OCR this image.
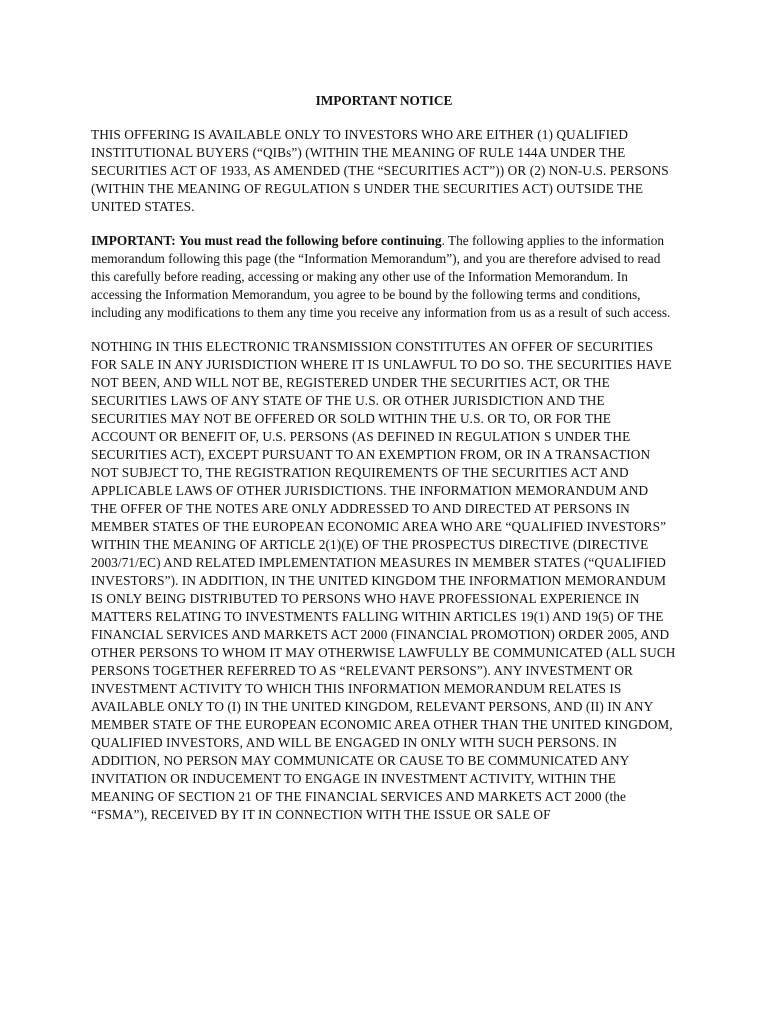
IMPORTANT NOTICE

THIS OFFERING IS AVAILABLE ONLY TO INVESTORS WHO ARE EITHER (1) QUALIFIED INSTITUTIONAL BUYERS (“QIBs”) (WITHIN THE MEANING OF RULE 144A UNDER THE SECURITIES ACT OF 1933, AS AMENDED (THE “SECURITIES ACT”)) OR (2) NON-U.S. PERSONS (WITHIN THE MEANING OF REGULATION S UNDER THE SECURITIES ACT) OUTSIDE THE UNITED STATES.

IMPORTANT: You must read the following before continuing. The following applies to the information memorandum following this page (the “Information Memorandum”), and you are therefore advised to read this carefully before reading, accessing or making any other use of the Information Memorandum. In accessing the Information Memorandum, you agree to be bound by the following terms and conditions, including any modifications to them any time you receive any information from us as a result of such access.

NOTHING IN THIS ELECTRONIC TRANSMISSION CONSTITUTES AN OFFER OF SECURITIES FOR SALE IN ANY JURISDICTION WHERE IT IS UNLAWFUL TO DO SO. THE SECURITIES HAVE NOT BEEN, AND WILL NOT BE, REGISTERED UNDER THE SECURITIES ACT, OR THE SECURITIES LAWS OF ANY STATE OF THE U.S. OR OTHER JURISDICTION AND THE SECURITIES MAY NOT BE OFFERED OR SOLD WITHIN THE U.S. OR TO, OR FOR THE ACCOUNT OR BENEFIT OF, U.S. PERSONS (AS DEFINED IN REGULATION S UNDER THE SECURITIES ACT), EXCEPT PURSUANT TO AN EXEMPTION FROM, OR IN A TRANSACTION NOT SUBJECT TO, THE REGISTRATION REQUIREMENTS OF THE SECURITIES ACT AND APPLICABLE LAWS OF OTHER JURISDICTIONS. THE INFORMATION MEMORANDUM AND THE OFFER OF THE NOTES ARE ONLY ADDRESSED TO AND DIRECTED AT PERSONS IN MEMBER STATES OF THE EUROPEAN ECONOMIC AREA WHO ARE “QUALIFIED INVESTORS” WITHIN THE MEANING OF ARTICLE 2(1)(E) OF THE PROSPECTUS DIRECTIVE (DIRECTIVE 2003/71/EC) AND RELATED IMPLEMENTATION MEASURES IN MEMBER STATES (“QUALIFIED INVESTORS”). IN ADDITION, IN THE UNITED KINGDOM THE INFORMATION MEMORANDUM IS ONLY BEING DISTRIBUTED TO PERSONS WHO HAVE PROFESSIONAL EXPERIENCE IN MATTERS RELATING TO INVESTMENTS FALLING WITHIN ARTICLES 19(1) AND 19(5) OF THE FINANCIAL SERVICES AND MARKETS ACT 2000 (FINANCIAL PROMOTION) ORDER 2005, AND OTHER PERSONS TO WHOM IT MAY OTHERWISE LAWFULLY BE COMMUNICATED (ALL SUCH PERSONS TOGETHER REFERRED TO AS “RELEVANT PERSONS”). ANY INVESTMENT OR INVESTMENT ACTIVITY TO WHICH THIS INFORMATION MEMORANDUM RELATES IS AVAILABLE ONLY TO (I) IN THE UNITED KINGDOM, RELEVANT PERSONS, AND (II) IN ANY MEMBER STATE OF THE EUROPEAN ECONOMIC AREA OTHER THAN THE UNITED KINGDOM, QUALIFIED INVESTORS, AND WILL BE ENGAGED IN ONLY WITH SUCH PERSONS. IN ADDITION, NO PERSON MAY COMMUNICATE OR CAUSE TO BE COMMUNICATED ANY INVITATION OR INDUCEMENT TO ENGAGE IN INVESTMENT ACTIVITY, WITHIN THE MEANING OF SECTION 21 OF THE FINANCIAL SERVICES AND MARKETS ACT 2000 (the “FSMA”), RECEIVED BY IT IN CONNECTION WITH THE ISSUE OR SALE OF
